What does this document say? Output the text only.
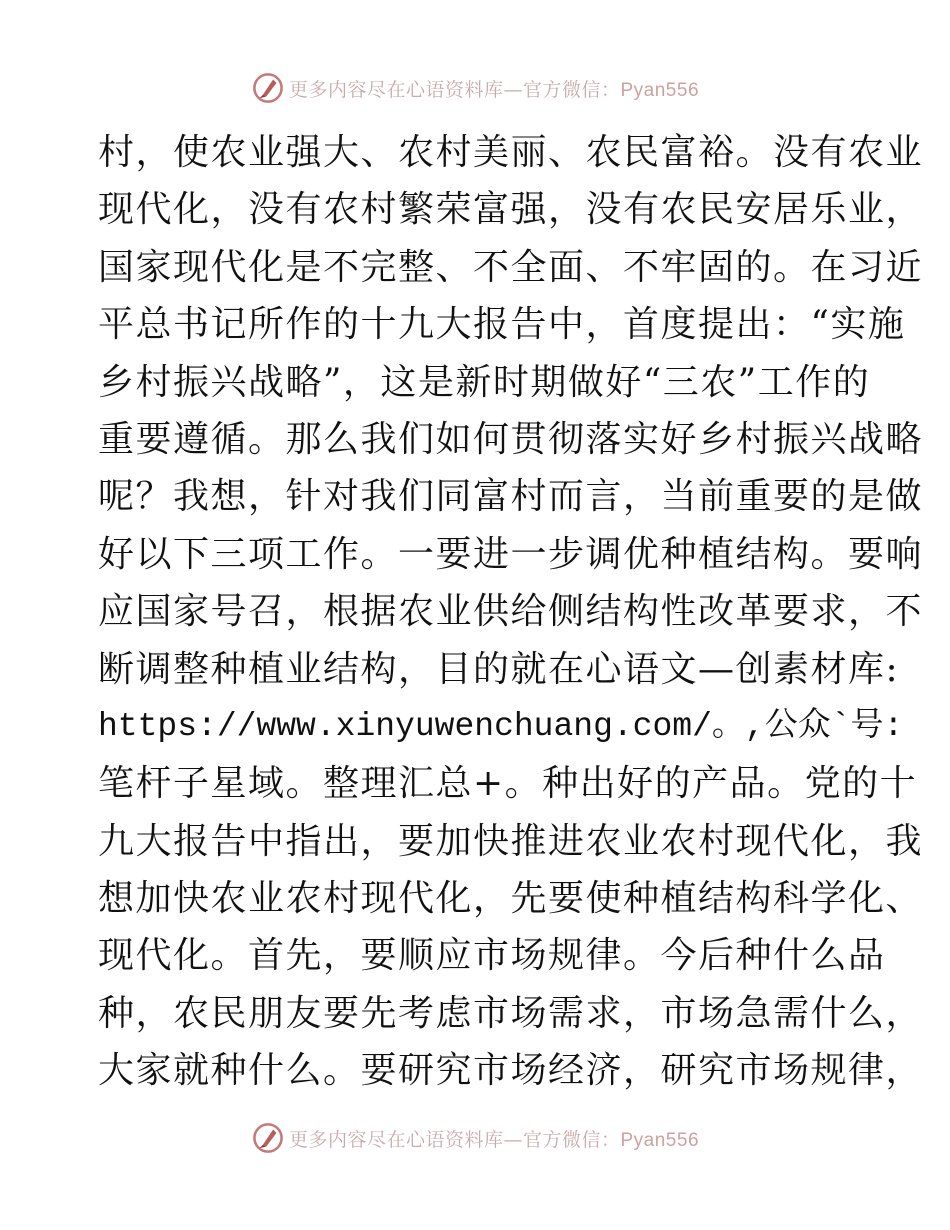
更多内容尽在心语资料库—官方微信：Pyan556
村，使农业强大、农村美丽、农民富裕。没有农业
现代化，没有农村繁荣富强，没有农民安居乐业，
国家现代化是不完整、不全面、不牢固的。在习近
平总书记所作的十九大报告中，首度提出：“实施
乡村振兴战略”，这是新时期做好“三农”工作的
重要遵循。那么我们如何贯彻落实好乡村振兴战略
呢？我想，针对我们同富村而言，当前重要的是做
好以下三项工作。一要进一步调优种植结构。要响
应国家号召，根据农业供给侧结构性改革要求，不
断调整种植业结构，目的就在心语文—创素材库:
https://www.xinyuwenchuang.com/。,公众`号:
笔杆子星域。整理汇总+。种出好的产品。党的十
九大报告中指出，要加快推进农业农村现代化，我
想加快农业农村现代化，先要使种植结构科学化、
现代化。首先，要顺应市场规律。今后种什么品
种，农民朋友要先考虑市场需求，市场急需什么，
大家就种什么。要研究市场经济，研究市场规律，
更多内容尽在心语资料库—官方微信：Pyan556
